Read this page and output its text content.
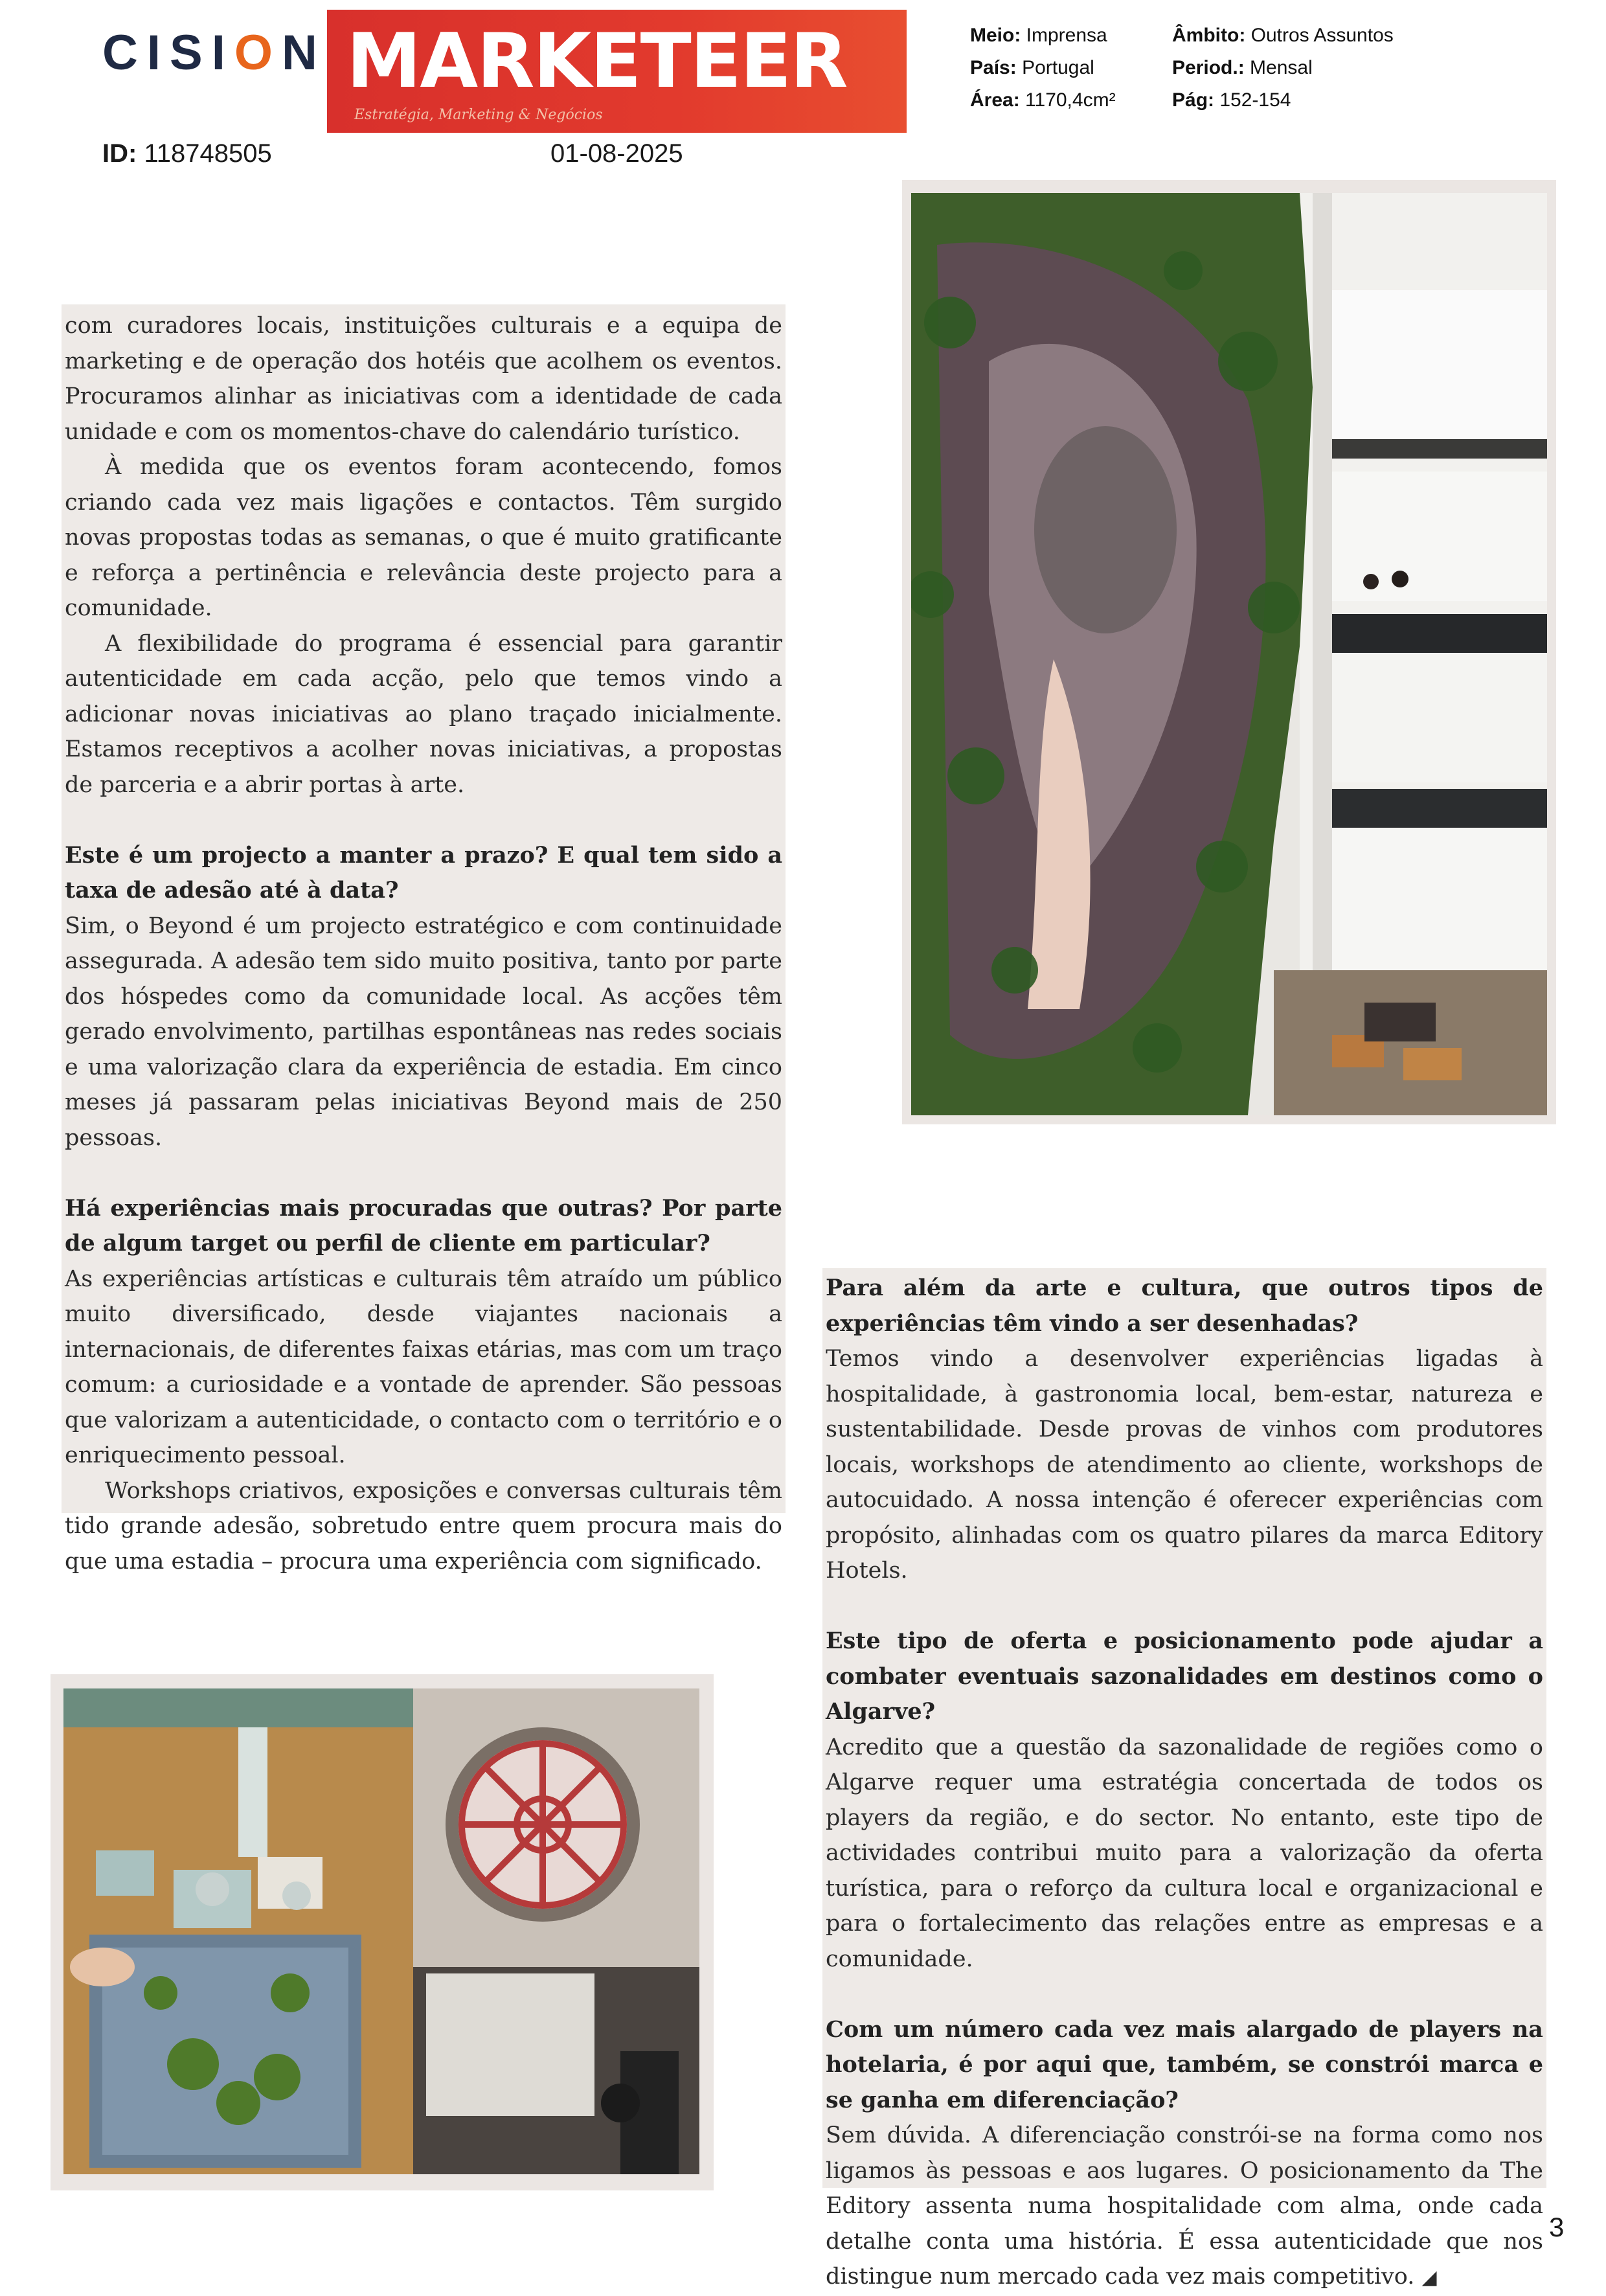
CISION MARKETEER
Estratégia, Marketing & Negócios
Meio: Imprensa
País: Portugal
Área: 1170,4cm²
Âmbito: Outros Assuntos
Period.: Mensal
Pág: 152-154
ID: 118748505	01-08-2025

com curadores locais, instituições culturais e a equipa de marketing e de operação dos hotéis que acolhem os eventos. Procuramos alinhar as iniciativas com a identidade de cada unidade e com os momentos-chave do calendário turístico.

À medida que os eventos foram acontecendo, fomos criando cada vez mais ligações e contactos. Têm surgido novas propostas todas as semanas, o que é muito gratificante e reforça a pertinência e relevância deste projecto para a comunidade.

A flexibilidade do programa é essencial para garantir autenticidade em cada acção, pelo que temos vindo a adicionar novas iniciativas ao plano traçado inicialmente. Estamos receptivos a acolher novas iniciativas, a propostas de parceria e a abrir portas à arte.

Este é um projecto a manter a prazo? E qual tem sido a taxa de adesão até à data?

Sim, o Beyond é um projecto estratégico e com continuidade assegurada. A adesão tem sido muito positiva, tanto por parte dos hóspedes como da comunidade local. As acções têm gerado envolvimento, partilhas espontâneas nas redes sociais e uma valorização clara da experiência de estadia. Em cinco meses já passaram pelas iniciativas Beyond mais de 250 pessoas.

Há experiências mais procuradas que outras? Por parte de algum target ou perfil de cliente em particular?

As experiências artísticas e culturais têm atraído um público muito diversificado, desde viajantes nacionais a internacionais, de diferentes faixas etárias, mas com um traço comum: a curiosidade e a vontade de aprender. São pessoas que valorizam a autenticidade, o contacto com o território e o enriquecimento pessoal.

Workshops criativos, exposições e conversas culturais têm tido grande adesão, sobretudo entre quem procura mais do que uma estadia – procura uma experiência com significado.

Para além da arte e cultura, que outros tipos de experiências têm vindo a ser desenhadas?

Temos vindo a desenvolver experiências ligadas à hospitalidade, à gastronomia local, bem-estar, natureza e sustentabilidade. Desde provas de vinhos com produtores locais, workshops de atendimento ao cliente, workshops de autocuidado. A nossa intenção é oferecer experiências com propósito, alinhadas com os quatro pilares da marca Editory Hotels.

Este tipo de oferta e posicionamento pode ajudar a combater eventuais sazonalidades em destinos como o Algarve?

Acredito que a questão da sazonalidade de regiões como o Algarve requer uma estratégia concertada de todos os players da região, e do sector. No entanto, este tipo de actividades contribui muito para a valorização da oferta turística, para o reforço da cultura local e organizacional e para o fortalecimento das relações entre as empresas e a comunidade.

Com um número cada vez mais alargado de players na hotelaria, é por aqui que, também, se constrói marca e se ganha em diferenciação?

Sem dúvida. A diferenciação constrói-se na forma como nos ligamos às pessoas e aos lugares. O posicionamento da The Editory assenta numa hospitalidade com alma, onde cada detalhe conta uma história. É essa autenticidade que nos distingue num mercado cada vez mais competitivo. ◢

3
